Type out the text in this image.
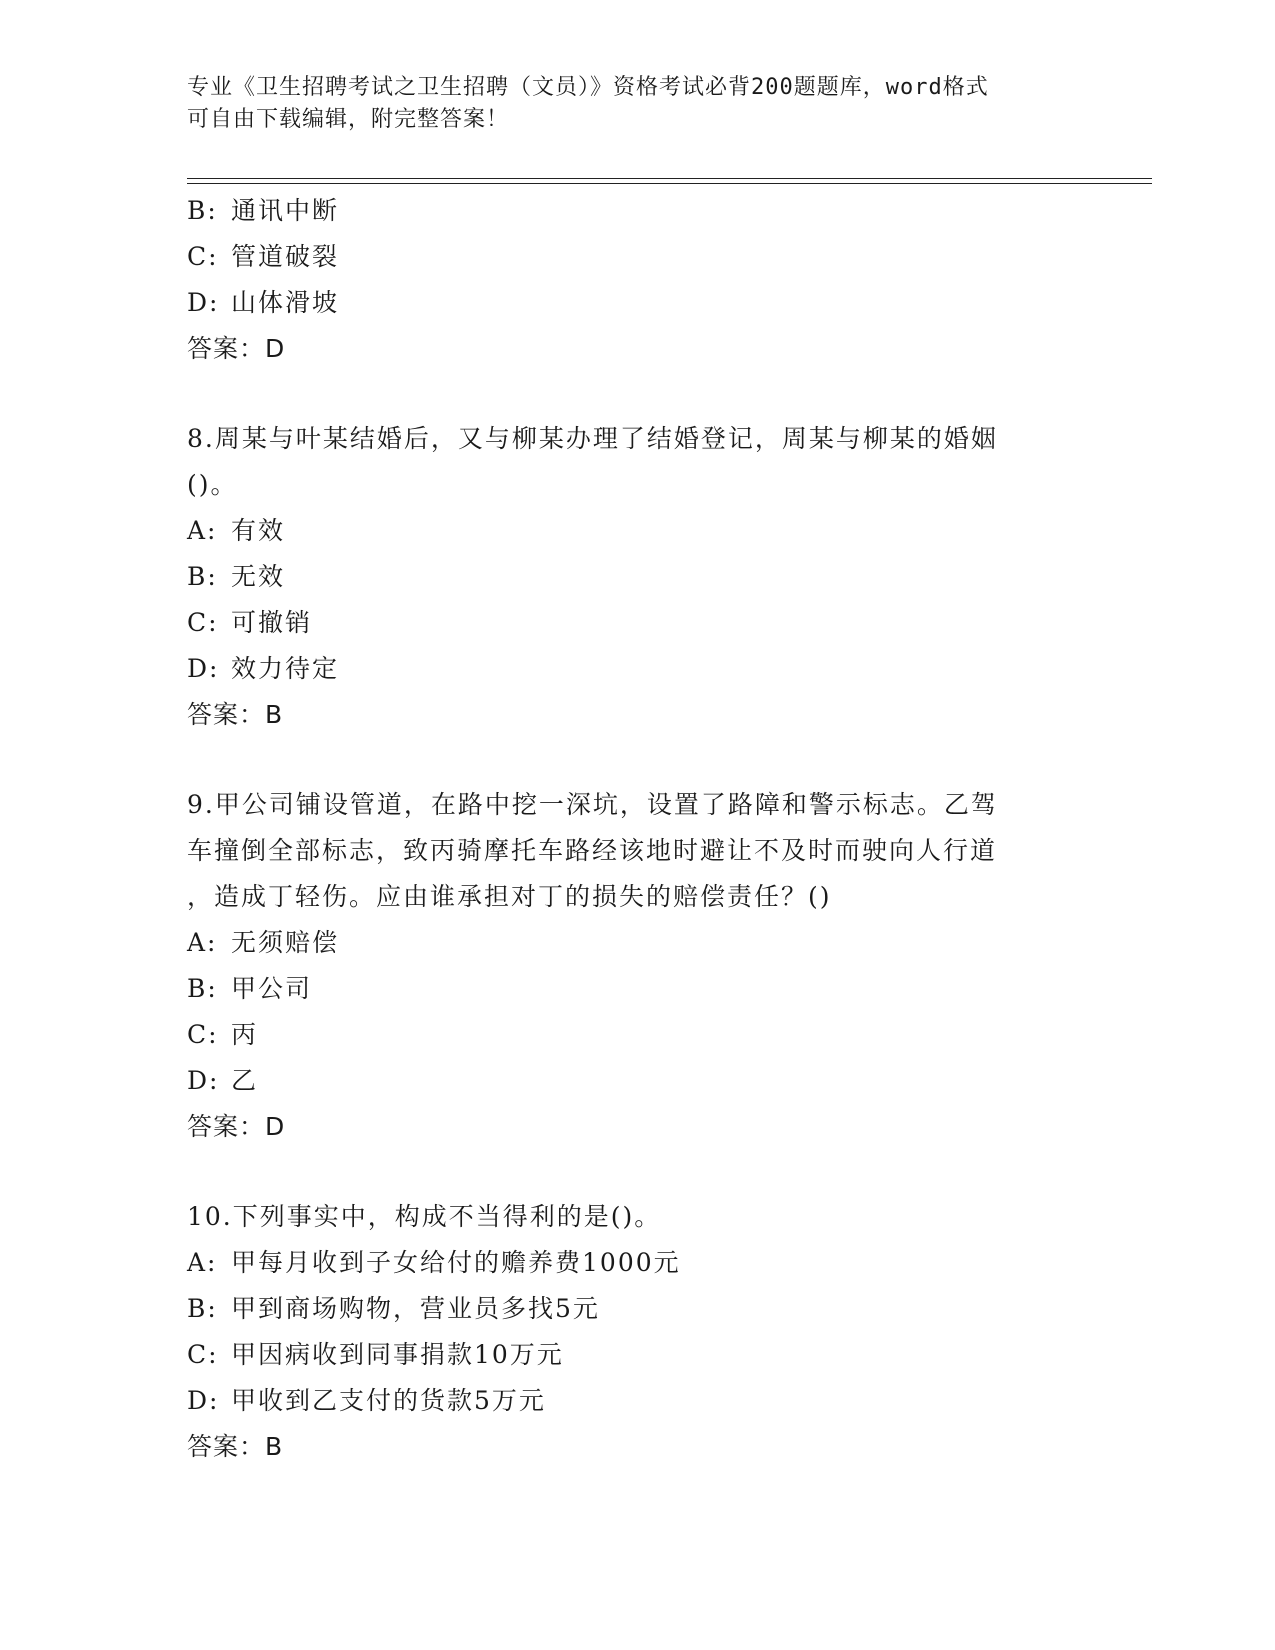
专业《卫生招聘考试之卫生招聘（文员）》资格考试必背200题题库，word格式
可自由下载编辑，附完整答案！
B: 通讯中断
C: 管道破裂
D: 山体滑坡
答案：D
8.周某与叶某结婚后，又与柳某办理了结婚登记，周某与柳某的婚姻
()。
A: 有效
B: 无效
C: 可撤销
D: 效力待定
答案：B
9.甲公司铺设管道，在路中挖一深坑，设置了路障和警示标志。乙驾
车撞倒全部标志，致丙骑摩托车路经该地时避让不及时而驶向人行道
，造成丁轻伤。应由谁承担对丁的损失的赔偿责任？()
A: 无须赔偿
B: 甲公司
C: 丙
D: 乙
答案：D
10.下列事实中，构成不当得利的是()。
A: 甲每月收到子女给付的赡养费1000元
B: 甲到商场购物，营业员多找5元
C: 甲因病收到同事捐款10万元
D: 甲收到乙支付的货款5万元
答案：B
